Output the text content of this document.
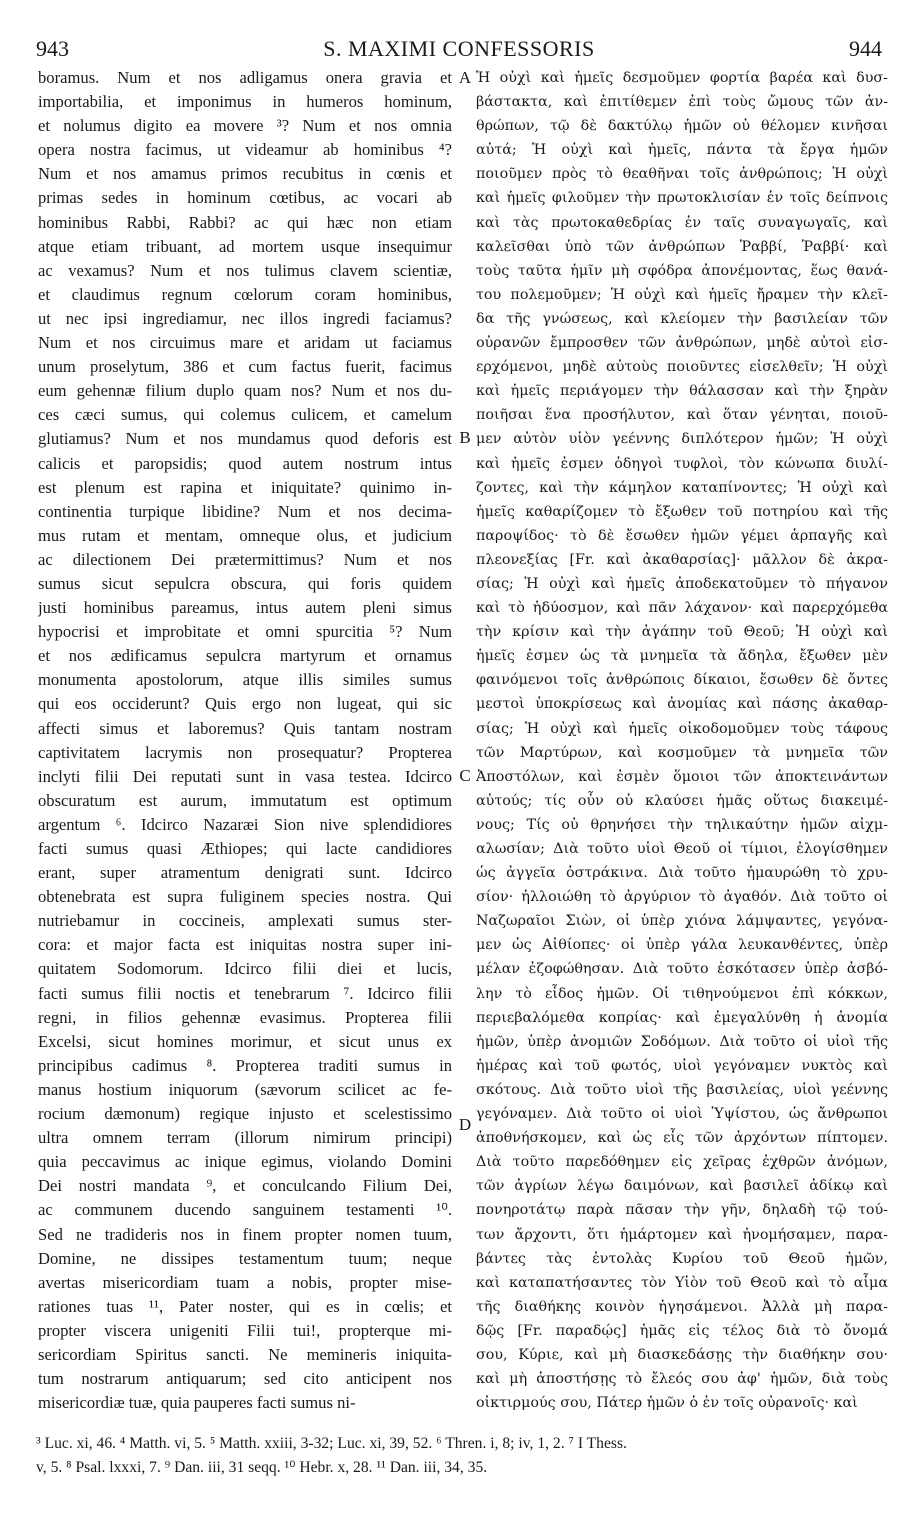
943	S. MAXIMI CONFESSORIS	944
boramus. Num et nos adligamus onera gravia et
importabilia, et imponimus in humeros hominum,
et nolumus digito ea movere ³? Num et nos omnia
opera nostra facimus, ut videamur ab hominibus ⁴?
Num et nos amamus primos recubitus in cœnis et
primas sedes in hominum cœtibus, ac vocari ab
hominibus Rabbi, Rabbi? ac qui hæc non etiam
atque etiam tribuant, ad mortem usque insequimur
ac vexamus? Num et nos tulimus clavem scientiæ,
et claudimus regnum cœlorum coram hominibus,
ut nec ipsi ingrediamur, nec illos ingredi faciamus?
Num et nos circuimus mare et aridam ut faciamus
unum proselytum, 386 et cum factus fuerit, facimus
eum gehennæ filium duplo quam nos? Num et nos du-
ces cæci sumus, qui colemus culicem, et camelum
glutiamus? Num et nos mundamus quod deforis est
calicis et paropsidis; quod autem nostrum intus
est plenum est rapina et iniquitate? quinimo in-
continentia turpique libidine? Num et nos decima-
mus rutam et mentam, omneque olus, et judicium
ac dilectionem Dei prætermittimus? Num et nos
sumus sicut sepulcra obscura, qui foris quidem
justi hominibus pareamus, intus autem pleni simus
hypocrisi et improbitate et omni spurcitia ⁵? Num
et nos ædificamus sepulcra martyrum et ornamus
monumenta apostolorum, atque illis similes sumus
qui eos occiderunt? Quis ergo non lugeat, qui sic
affecti simus et laboremus? Quis tantam nostram
captivitatem lacrymis non prosequatur? Propterea
inclyti filii Dei reputati sunt in vasa testea. Idcirco
obscuratum est aurum, immutatum est optimum
argentum ⁶. Idcirco Nazaræi Sion nive splendidiores
facti sumus quasi Æthiopes; qui lacte candidiores
erant, super atramentum denigrati sunt. Idcirco
obtenebrata est supra fuliginem species nostra. Qui
nutriebamur in coccineis, amplexati sumus ster-
cora: et major facta est iniquitas nostra super ini-
quitatem Sodomorum. Idcirco filii diei et lucis,
facti sumus filii noctis et tenebrarum ⁷. Idcirco filii
regni, in filios gehennæ evasimus. Propterea filii
Excelsi, sicut homines morimur, et sicut unus ex
principibus cadimus ⁸. Propterea traditi sumus in
manus hostium iniquorum (sævorum scilicet ac fe-
rocium dæmonum) regique injusto et scelestissimo
ultra omnem terram (illorum nimirum principi)
quia peccavimus ac inique egimus, violando Domini
Dei nostri mandata ⁹, et conculcando Filium Dei,
ac communem ducendo sanguinem testamenti ¹⁰.
Sed ne tradideris nos in finem propter nomen tuum,
Domine, ne dissipes testamentum tuum; neque
avertas misericordiam tuam a nobis, propter mise-
rationes tuas ¹¹, Pater noster, qui es in cœlis; et
propter viscera unigeniti Filii tui!, propterque mi-
sericordiam Spiritus sancti. Ne memineris iniquita-
tum nostrarum antiquarum; sed cito anticipent nos
misericordiæ tuæ, quia pauperes facti sumus ni-
A
B
C
D
Ἡ οὐχὶ καὶ ἡμεῖς δεσμοῦμεν φορτία βαρέα καὶ δυσ-
βάστακτα, καὶ ἐπιτίθεμεν ἐπὶ τοὺς ὤμους τῶν ἀν-
θρώπων, τῷ δὲ δακτύλῳ ἡμῶν οὐ θέλομεν κινῆσαι
αὐτά; Ἡ οὐχὶ καὶ ἡμεῖς, πάντα τὰ ἔργα ἡμῶν
ποιοῦμεν πρὸς τὸ θεαθῆναι τοῖς ἀνθρώποις; Ἡ οὐχὶ
καὶ ἡμεῖς φιλοῦμεν τὴν πρωτοκλισίαν ἐν τοῖς δείπνοις
καὶ τὰς πρωτοκαθεδρίας ἐν ταῖς συναγωγαῖς, καὶ
καλεῖσθαι ὑπὸ τῶν ἀνθρώπων Ῥαββί, Ῥαββί· καὶ
τοὺς ταῦτα ἡμῖν μὴ σφόδρα ἀπονέμοντας, ἕως θανά-
του πολεμοῦμεν; Ἡ οὐχὶ καὶ ἡμεῖς ἤραμεν τὴν κλεῖ-
δα τῆς γνώσεως, καὶ κλείομεν τὴν βασιλείαν τῶν
οὐρανῶν ἔμπροσθεν τῶν ἀνθρώπων, μηδὲ αὐτοὶ εἰσ-
ερχόμενοι, μηδὲ αὐτοὺς ποιοῦντες εἰσελθεῖν; Ἡ οὐχὶ
καὶ ἡμεῖς περιάγομεν τὴν θάλασσαν καὶ τὴν ξηρὰν
ποιῆσαι ἕνα προσήλυτον, καὶ ὅταν γένηται, ποιοῦ-
μεν αὐτὸν υἱὸν γεέννης διπλότερον ἡμῶν; Ἡ οὐχὶ
καὶ ἡμεῖς ἐσμεν ὁδηγοὶ τυφλοὶ, τὸν κώνωπα διυλί-
ζοντες, καὶ τὴν κάμηλον καταπίνοντες; Ἡ οὐχὶ καὶ
ἡμεῖς καθαρίζομεν τὸ ἔξωθεν τοῦ ποτηρίου καὶ τῆς
παροψίδος· τὸ δὲ ἔσωθεν ἡμῶν γέμει ἁρπαγῆς καὶ
πλεονεξίας [Fr. καὶ ἀκαθαρσίας]· μᾶλλον δὲ ἀκρα-
σίας; Ἡ οὐχὶ καὶ ἡμεῖς ἀποδεκατοῦμεν τὸ πήγανον
καὶ τὸ ἡδύοσμον, καὶ πᾶν λάχανον· καὶ παρερχόμεθα
τὴν κρίσιν καὶ τὴν ἀγάπην τοῦ Θεοῦ; Ἡ οὐχὶ καὶ
ἡμεῖς ἐσμεν ὡς τὰ μνημεῖα τὰ ἄδηλα, ἔξωθεν μὲν
φαινόμενοι τοῖς ἀνθρώποις δίκαιοι, ἔσωθεν δὲ ὄντες
μεστοὶ ὑποκρίσεως καὶ ἀνομίας καὶ πάσης ἀκαθαρ-
σίας; Ἡ οὐχὶ καὶ ἡμεῖς οἰκοδομοῦμεν τοὺς τάφους
τῶν Μαρτύρων, καὶ κοσμοῦμεν τὰ μνημεῖα τῶν
Ἀποστόλων, καὶ ἐσμὲν ὅμοιοι τῶν ἀποκτεινάντων
αὐτούς; τίς οὖν οὐ κλαύσει ἡμᾶς οὕτως διακειμέ-
νους; Τίς οὐ θρηνήσει τὴν τηλικαύτην ἡμῶν αἰχμ-
αλωσίαν; Διὰ τοῦτο υἱοὶ Θεοῦ οἱ τίμιοι, ἐλογίσθημεν
ὡς ἀγγεῖα ὀστράκινα. Διὰ τοῦτο ἠμαυρώθη τὸ χρυ-
σίον· ἠλλοιώθη τὸ ἀργύριον τὸ ἀγαθόν. Διὰ τοῦτο οἱ
Ναζωραῖοι Σιὼν, οἱ ὑπὲρ χιόνα λάμψαντες, γεγόνα-
μεν ὡς Αἰθίοπες· οἱ ὑπὲρ γάλα λευκανθέντες, ὑπὲρ
μέλαν ἐζοφώθησαν. Διὰ τοῦτο ἐσκότασεν ὑπὲρ ἀσβό-
λην τὸ εἶδος ἡμῶν. Οἱ τιθηνούμενοι ἐπὶ κόκκων,
περιεβαλόμεθα κοπρίας· καὶ ἐμεγαλύνθη ἡ ἀνομία
ἡμῶν, ὑπὲρ ἀνομιῶν Σοδόμων. Διὰ τοῦτο οἱ υἱοὶ τῆς
ἡμέρας καὶ τοῦ φωτός, υἱοὶ γεγόναμεν νυκτὸς καὶ
σκότους. Διὰ τοῦτο υἱοὶ τῆς βασιλείας, υἱοὶ γεέννης
γεγόναμεν. Διὰ τοῦτο οἱ υἱοὶ Ὑψίστου, ὡς ἄνθρωποι
ἀποθνήσκομεν, καὶ ὡς εἷς τῶν ἀρχόντων πίπτομεν.
Διὰ τοῦτο παρεδόθημεν εἰς χεῖρας ἐχθρῶν ἀνόμων,
τῶν ἀγρίων λέγω δαιμόνων, καὶ βασιλεῖ ἀδίκῳ καὶ
πονηροτάτῳ παρὰ πᾶσαν τὴν γῆν, δηλαδὴ τῷ τού-
των ἄρχοντι, ὅτι ἡμάρτομεν καὶ ἠνομήσαμεν, παρα-
βάντες τὰς ἐντολὰς Κυρίου τοῦ Θεοῦ ἡμῶν,
καὶ καταπατήσαντες τὸν Υἱὸν τοῦ Θεοῦ καὶ τὸ αἷμα
τῆς διαθήκης κοινὸν ἡγησάμενοι. Ἀλλὰ μὴ παρα-
δῷς [Fr. παραδῴς] ἡμᾶς εἰς τέλος διὰ τὸ ὄνομά
σου, Κύριε, καὶ μὴ διασκεδάσῃς τὴν διαθήκην σου·
καὶ μὴ ἀποστήσῃς τὸ ἔλεός σου ἀφ' ἡμῶν, διὰ τοὺς
οἰκτιρμούς σου, Πάτερ ἡμῶν ὁ ἐν τοῖς οὐρανοῖς· καὶ
³ Luc. xi, 46. ⁴ Matth. vi, 5. ⁵ Matth. xxiii, 3-32; Luc. xi, 39, 52. ⁶ Thren. i, 8; iv, 1, 2. ⁷ I Thess.
v, 5. ⁸ Psal. lxxxi, 7. ⁹ Dan. iii, 31 seqq. ¹⁰ Hebr. x, 28. ¹¹ Dan. iii, 34, 35.
